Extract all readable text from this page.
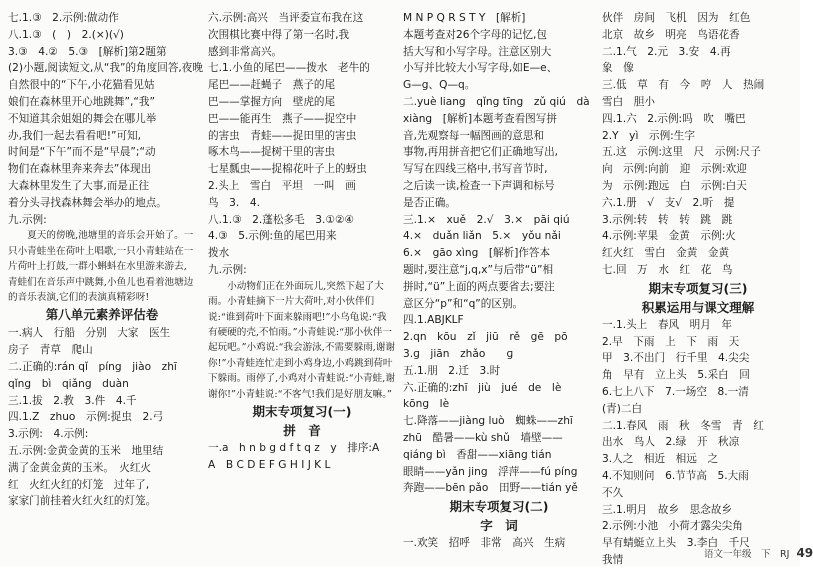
七.1.③　2.示例:做动作
八.1.③　(　)　2.(×)(√)
3.③　4.②　5.③　[解析]第2题第
(2)小题,阅读短文,从“我”的角度回答,夜晚
自然很中的“下午,小花猫看见姑
娘们在森林里开心地跳舞”,“我”
不知道其余姐姐的舞会在哪儿举
办,我们一起去看看吧!”可知,
时间是“下午”而不是“早晨”;“动
物们在森林里奔来奔去”体现出
大森林里发生了大事,而是正往
着分头寻找森林舞会举办的地点。
九.示例:
夏天的傍晚,池塘里的音乐会开始了。一只小青蛙坐在荷叶上唱歌,一只小青蛙站在一片荷叶上打鼓,一群小蝌蚪在水里游来游去,青蛙们在音乐声中跳舞,小鱼儿也看着池塘边的音乐表演,它们的表演真精彩呀!
第八单元素养评估卷
一.病人　行船　分别　大家　医生
房子　青草　爬山
二.正确的:rán qǐ　píng　jiào　zhī
qǐng　bì　qiǎng　duàn
三.1.拔　2.教　3.件　4.千
四.1.Z　zhuo　示例:捉虫　2.弓
3.示例:　4.示例:
五.示例:金黄金黄的玉米　地里结
满了金黄金黄的玉米。　火红火
红　火红火红的灯笼　过年了,
家家门前挂着火红火红的灯笼。
六.示例:高兴　当评委宣布我在这
次围棋比赛中得了第一名时,我
感到非常高兴。
七.1.小鱼的尾巴——拨水　老牛的
尾巴——赶蝇子　燕子的尾
巴——掌握方向　壁虎的尾
巴——能再生　燕子——捉空中
的害虫　青蛙——捉田里的害虫
啄木鸟——捉树干里的害虫
七星瓢虫——捉棉花叶子上的蚜虫
2.头上　雪白　平坦　一叫　画
鸟　3.　4.
八.1.③　2.蓬松多毛　3.①②④
4.③　5.示例:鱼的尾巴用来
拨水
九.示例:
小动物们正在外面玩儿,突然下起了大雨。小青蛙摘下一片大荷叶,对小伙伴们说:“谁到荷叶下面来躲雨吧!”小乌龟说:“我有硬硬的壳,不怕雨。”小青蛙说:“那小伙伴一起玩吧。”小鸡说:“我会游泳,不需要躲雨,谢谢你!”小青蛙连忙走到小鸡身边,小鸡跳到荷叶下躲雨。雨停了,小鸡对小青蛙说:“小青蛙,谢谢你!”小青蛙说:“不客气!我们是好朋友嘛。”
期末专项复习(一)
拼　音
一.a　h n b g d f t q z　y　排序:A
A　B C D E F G H I J K L
M N P Q R S T Y　[解析]
本题考查对26个字母的记忆,包
括大写和小写字母。注意区别大
小写并比较大小写字母,如E—e、
G—g、Q—q。
二.yuè liang　qǐng tīng　zǔ qiú　dà
xiàng　[解析]本题考查看图写拼
音,先观察每一幅图画的意思和
事物,再用拼音把它们正确地写出,
写写在四线三格中,书写音节时,
之后读一读,检查一下声调和标号
是否正确。
三.1.×　xuě　2.√　3.×　pāi qiú
4.×　duǎn liǎn　5.×　yǒu nǎi
6.×　gāo xìng　[解析]作答本
题时,要注意“j,q,x”与后带“ü”相
拼时,“ü”上面的两点要省去;要注
意区分“p”和“q”的区别。
四.1.ABJKLF
2.qn　kōu　zǐ　jiū　rě　gē　pō
3.ɡ　jiān　zhǎo　　ɡ
五.1.朋　2.迁　3.时
六.正确的:zhī　jiù　jué　de　lè
kōng　lè
七.降落——jiàng luò　蜘蛛——zhī
zhū　酷暑——kù shǔ　墙壁——
qiáng bì　香甜——xiāng tián
眼睛——yǎn jing　浮萍——fú píng
奔跑——bēn pǎo　田野——tián yě
期末专项复习(二)
字　词
一.欢笑　招呼　非常　高兴　生病
伙伴　房间　飞机　因为　红色
北京　故乡　明亮　鸟语花香
二.1.气　2.元　3.安　4.再
象　像
三.低　草　有　今　哼　人　热闹
雪白　胆小
四.1.六　2.示例:吗　吹　嘴巴
2.Y　yì　示例:生字
五.这　示例:这里　尺　示例:尺子
向　示例:向前　迎　示例:欢迎
为　示例:跑远　白　示例:白天
六.1.册　√　支√　2.听　提
3.示例:转　转　转　跳　跳
4.示例:苹果　金黄　示例:火
红火红　雪白　金黄　金黄
七.回　万　水　红　花　鸟
期末专项复习(三)
积累运用与课文理解
一.1.头上　春风　明月　年
2.早　下雨　上　下　雨　天
甲　3.不出门　行千里　4.尖尖
角　早有　立上头　5.采白　回
6.七上八下　7.一场空　8.一清
(青)二白
二.1.春风　雨　秋　冬雪　青　红
出水　鸟人　2.绿　开　秋凉
3.人之　相近　相远　之
4.不知则问　6.节节高　5.大雨
不久
三.1.明月　故乡　思念故乡
2.示例:小池　小荷才露尖尖角
早有蜻蜓立上头　3.李白　千尺
我情	语文一年级　下　RJ 49
